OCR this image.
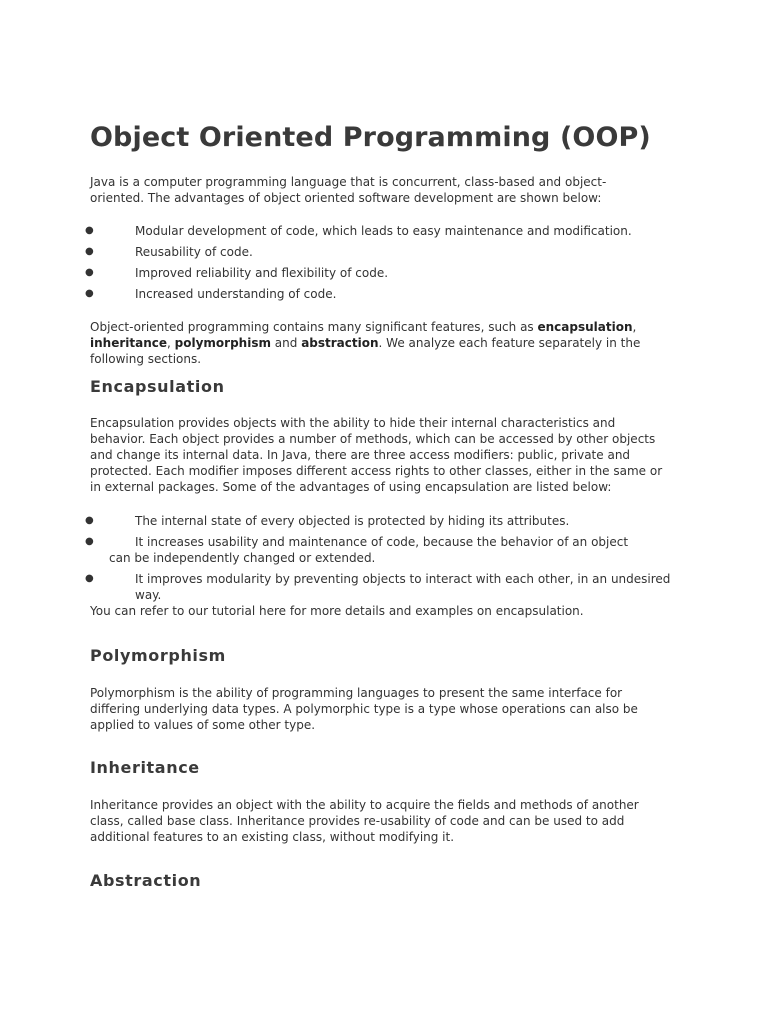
Object Oriented Programming (OOP)

Java is a computer programming language that is concurrent, class-based and object-oriented. The advantages of object oriented software development are shown below:

●	Modular development of code, which leads to easy maintenance and modification.
●	Reusability of code.
●	Improved reliability and flexibility of code.
●	Increased understanding of code.

Object-oriented programming contains many significant features, such as encapsulation, inheritance, polymorphism and abstraction. We analyze each feature separately in the following sections.

Encapsulation

Encapsulation provides objects with the ability to hide their internal characteristics and behavior. Each object provides a number of methods, which can be accessed by other objects and change its internal data. In Java, there are three access modifiers: public, private and protected. Each modifier imposes different access rights to other classes, either in the same or in external packages. Some of the advantages of using encapsulation are listed below:

●	The internal state of every objected is protected by hiding its attributes.
●	It increases usability and maintenance of code, because the behavior of an object can be independently changed or extended.
●	It improves modularity by preventing objects to interact with each other, in an undesired way.

You can refer to our tutorial here for more details and examples on encapsulation.

Polymorphism

Polymorphism is the ability of programming languages to present the same interface for differing underlying data types. A polymorphic type is a type whose operations can also be applied to values of some other type.

Inheritance

Inheritance provides an object with the ability to acquire the fields and methods of another class, called base class. Inheritance provides re-usability of code and can be used to add additional features to an existing class, without modifying it.

Abstraction
